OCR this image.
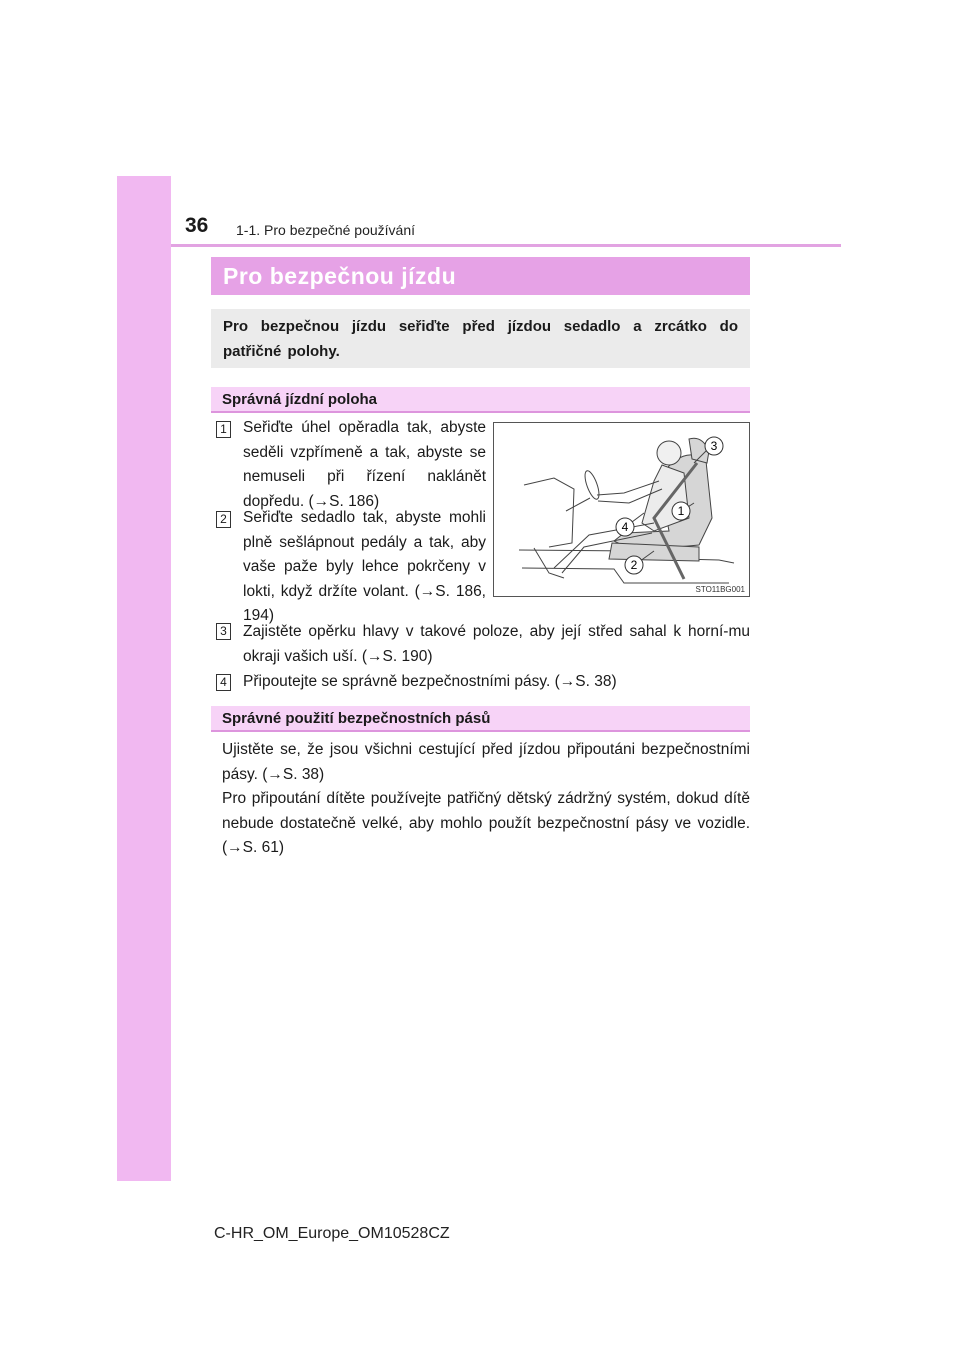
36 1-1. Pro bezpečné používání
Pro bezpečnou jízdu
Pro bezpečnou jízdu seřiďte před jízdou sedadlo a zrcátko do patřičné polohy.
Správná jízdní poloha
1 Seřiďte úhel opěradla tak, abyste seděli vzpřímeně a tak, abyste se nemuseli při řízení naklánět dopředu. (→S. 186)
2 Seřiďte sedadlo tak, abyste mohli plně sešlápnout pedály a tak, aby vaše paže byly lehce pokrčeny v lokti, když držíte volant. (→S. 186, 194)
3
1
4
2
STO11BG001
3 Zajistěte opěrku hlavy v takové poloze, aby její střed sahal k horní-mu okraji vašich uší. (→S. 190)
4 Připoutejte se správně bezpečnostními pásy. (→S. 38)
Správné použití bezpečnostních pásů
Ujistěte se, že jsou všichni cestující před jízdou připoutáni bezpečnostními pásy. (→S. 38)
Pro připoutání dítěte používejte patřičný dětský zádržný systém, dokud dítě nebude dostatečně velké, aby mohlo použít bezpečnostní pásy ve vozidle. (→S. 61)
C-HR_OM_Europe_OM10528CZ
